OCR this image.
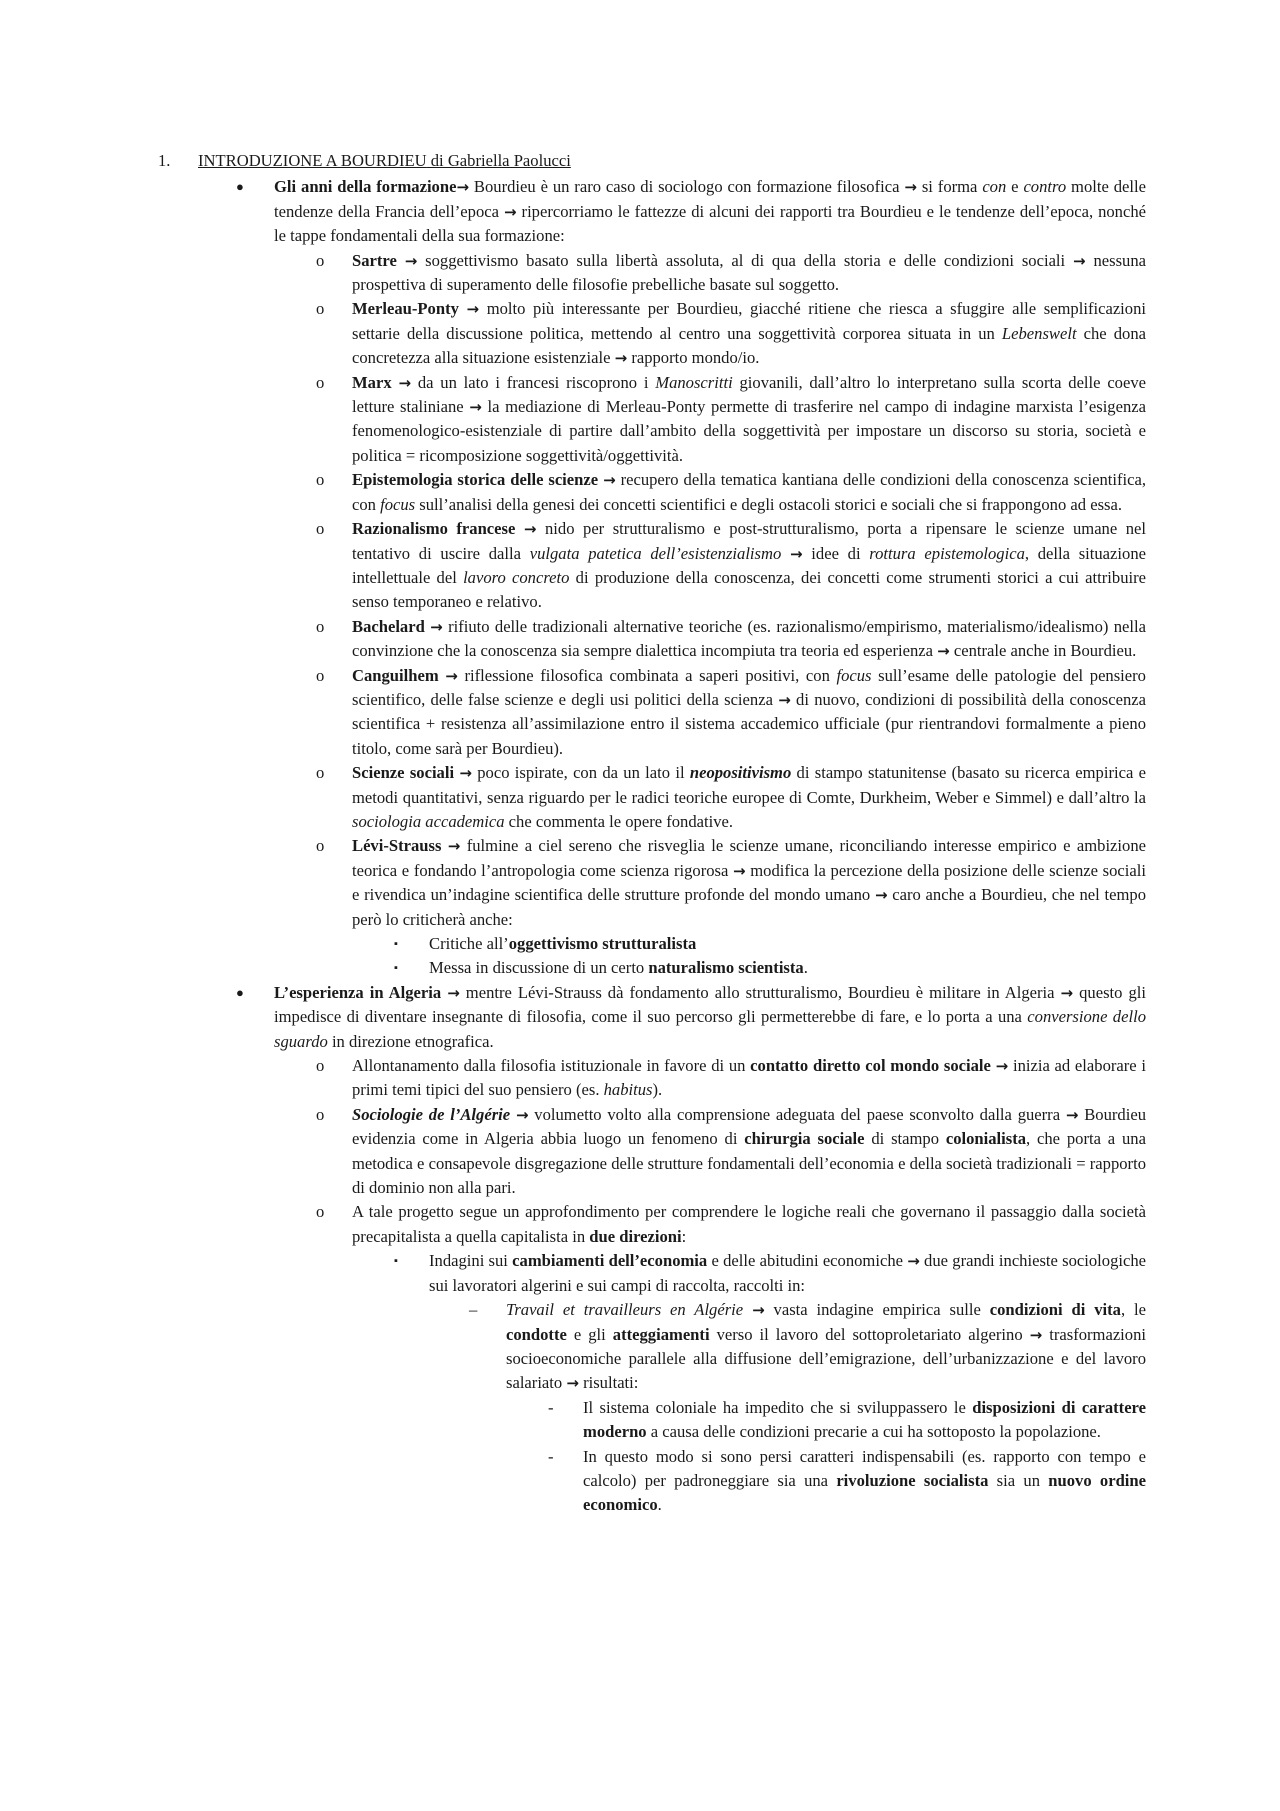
1. INTRODUZIONE A BOURDIEU di Gabriella Paolucci
● Gli anni della formazione→ Bourdieu è un raro caso di sociologo con formazione filosofica → si forma con e contro molte delle tendenze della Francia dell’epoca → ripercorriamo le fattezze di alcuni dei rapporti tra Bourdieu e le tendenze dell’epoca, nonché le tappe fondamentali della sua formazione:
o Sartre → soggettivismo basato sulla libertà assoluta, al di qua della storia e delle condizioni sociali → nessuna prospettiva di superamento delle filosofie prebelliche basate sul soggetto.
o Merleau-Ponty → molto più interessante per Bourdieu, giacché ritiene che riesca a sfuggire alle semplificazioni settarie della discussione politica, mettendo al centro una soggettività corporea situata in un Lebenswelt che dona concretezza alla situazione esistenziale → rapporto mondo/io.
o Marx → da un lato i francesi riscoprono i Manoscritti giovanili, dall’altro lo interpretano sulla scorta delle coeve letture staliniane → la mediazione di Merleau-Ponty permette di trasferire nel campo di indagine marxista l’esigenza fenomenologico-esistenziale di partire dall’ambito della soggettività per impostare un discorso su storia, società e politica = ricomposizione soggettività/oggettività.
o Epistemologia storica delle scienze → recupero della tematica kantiana delle condizioni della conoscenza scientifica, con focus sull’analisi della genesi dei concetti scientifici e degli ostacoli storici e sociali che si frappongono ad essa.
o Razionalismo francese → nido per strutturalismo e post-strutturalismo, porta a ripensare le scienze umane nel tentativo di uscire dalla vulgata patetica dell’esistenzialismo → idee di rottura epistemologica, della situazione intellettuale del lavoro concreto di produzione della conoscenza, dei concetti come strumenti storici a cui attribuire senso temporaneo e relativo.
o Bachelard → rifiuto delle tradizionali alternative teoriche (es. razionalismo/empirismo, materialismo/idealismo) nella convinzione che la conoscenza sia sempre dialettica incompiuta tra teoria ed esperienza → centrale anche in Bourdieu.
o Canguilhem → riflessione filosofica combinata a saperi positivi, con focus sull’esame delle patologie del pensiero scientifico, delle false scienze e degli usi politici della scienza → di nuovo, condizioni di possibilità della conoscenza scientifica + resistenza all’assimilazione entro il sistema accademico ufficiale (pur rientrandovi formalmente a pieno titolo, come sarà per Bourdieu).
o Scienze sociali → poco ispirate, con da un lato il neopositivismo di stampo statunitense (basato su ricerca empirica e metodi quantitativi, senza riguardo per le radici teoriche europee di Comte, Durkheim, Weber e Simmel) e dall’altro la sociologia accademica che commenta le opere fondative.
o Lévi-Strauss → fulmine a ciel sereno che risveglia le scienze umane, riconciliando interesse empirico e ambizione teorica e fondando l’antropologia come scienza rigorosa → modifica la percezione della posizione delle scienze sociali e rivendica un’indagine scientifica delle strutture profonde del mondo umano → caro anche a Bourdieu, che nel tempo però lo criticherà anche:
▪ Critiche all’oggettivismo strutturalista
▪ Messa in discussione di un certo naturalismo scientista.
● L’esperienza in Algeria → mentre Lévi-Strauss dà fondamento allo strutturalismo, Bourdieu è militare in Algeria → questo gli impedisce di diventare insegnante di filosofia, come il suo percorso gli permetterebbe di fare, e lo porta a una conversione dello sguardo in direzione etnografica.
o Allontanamento dalla filosofia istituzionale in favore di un contatto diretto col mondo sociale → inizia ad elaborare i primi temi tipici del suo pensiero (es. habitus).
o Sociologie de l’Algérie → volumetto volto alla comprensione adeguata del paese sconvolto dalla guerra → Bourdieu evidenzia come in Algeria abbia luogo un fenomeno di chirurgia sociale di stampo colonialista, che porta a una metodica e consapevole disgregazione delle strutture fondamentali dell’economia e della società tradizionali = rapporto di dominio non alla pari.
o A tale progetto segue un approfondimento per comprendere le logiche reali che governano il passaggio dalla società precapitalista a quella capitalista in due direzioni:
▪ Indagini sui cambiamenti dell’economia e delle abitudini economiche → due grandi inchieste sociologiche sui lavoratori algerini e sui campi di raccolta, raccolti in:
– Travail et travailleurs en Algérie → vasta indagine empirica sulle condizioni di vita, le condotte e gli atteggiamenti verso il lavoro del sottoproletariato algerino → trasformazioni socioeconomiche parallele alla diffusione dell’emigrazione, dell’urbanizzazione e del lavoro salariato → risultati:
- Il sistema coloniale ha impedito che si sviluppassero le disposizioni di carattere moderno a causa delle condizioni precarie a cui ha sottoposto la popolazione.
- In questo modo si sono persi caratteri indispensabili (es. rapporto con tempo e calcolo) per padroneggiare sia una rivoluzione socialista sia un nuovo ordine economico.
